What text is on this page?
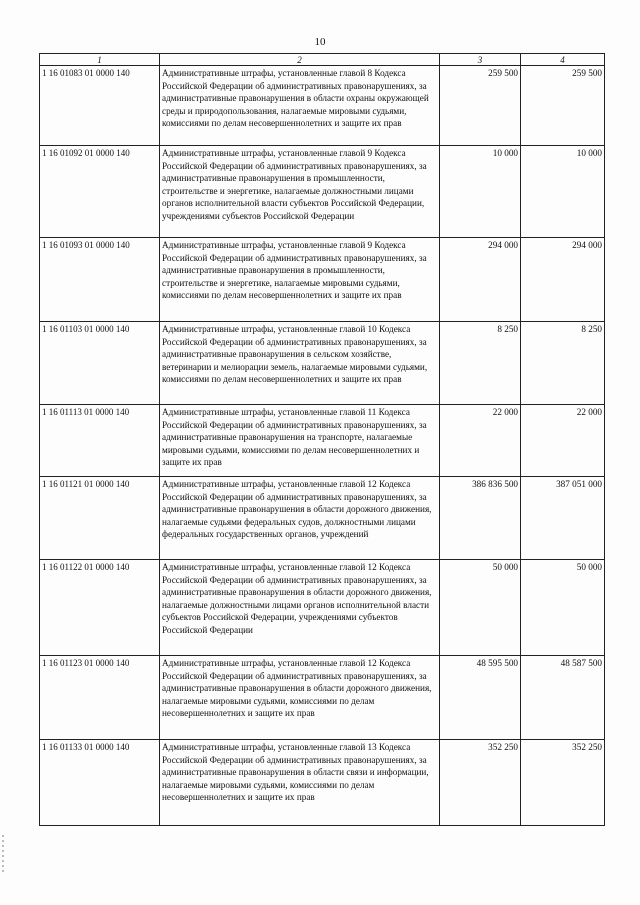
10
1	2	3	4
1 16 01083 01 0000 140	Административные штрафы, установленные главой 8 Кодекса Российской Федерации об административных правонарушениях, за административные правонарушения в области охраны окружающей среды и природопользования, налагаемые мировыми судьями, комиссиями по делам несовершеннолетних и защите их прав	259 500	259 500
1 16 01092 01 0000 140	Административные штрафы, установленные главой 9 Кодекса Российской Федерации об административных правонарушениях, за административные правонарушения в промышленности, строительстве и энергетике, налагаемые должностными лицами органов исполнительной власти субъектов Российской Федерации, учреждениями субъектов Российской Федерации	10 000	10 000
1 16 01093 01 0000 140	Административные штрафы, установленные главой 9 Кодекса Российской Федерации об административных правонарушениях, за административные правонарушения в промышленности, строительстве и энергетике, налагаемые мировыми судьями, комиссиями по делам несовершеннолетних и защите их прав	294 000	294 000
1 16 01103 01 0000 140	Административные штрафы, установленные главой 10 Кодекса Российской Федерации об административных правонарушениях, за административные правонарушения в сельском хозяйстве, ветеринарии и мелиорации земель, налагаемые мировыми судьями, комиссиями по делам несовершеннолетних и защите их прав	8 250	8 250
1 16 01113 01 0000 140	Административные штрафы, установленные главой 11 Кодекса Российской Федерации об административных правонарушениях, за административные правонарушения на транспорте, налагаемые мировыми судьями, комиссиями по делам несовершеннолетних и защите их прав	22 000	22 000
1 16 01121 01 0000 140	Административные штрафы, установленные главой 12 Кодекса Российской Федерации об административных правонарушениях, за административные правонарушения в области дорожного движения, налагаемые судьями федеральных судов, должностными лицами федеральных государственных органов, учреждений	386 836 500	387 051 000
1 16 01122 01 0000 140	Административные штрафы, установленные главой 12 Кодекса Российской Федерации об административных правонарушениях, за административные правонарушения в области дорожного движения, налагаемые должностными лицами органов исполнительной власти субъектов Российской Федерации, учреждениями субъектов Российской Федерации	50 000	50 000
1 16 01123 01 0000 140	Административные штрафы, установленные главой 12 Кодекса Российской Федерации об административных правонарушениях, за административные правонарушения в области дорожного движения, налагаемые мировыми судьями, комиссиями по делам несовершеннолетних и защите их прав	48 595 500	48 587 500
1 16 01133 01 0000 140	Административные штрафы, установленные главой 13 Кодекса Российской Федерации об административных правонарушениях, за административные правонарушения в области связи и информации, налагаемые мировыми судьями, комиссиями по делам несовершеннолетних и защите их прав	352 250	352 250
